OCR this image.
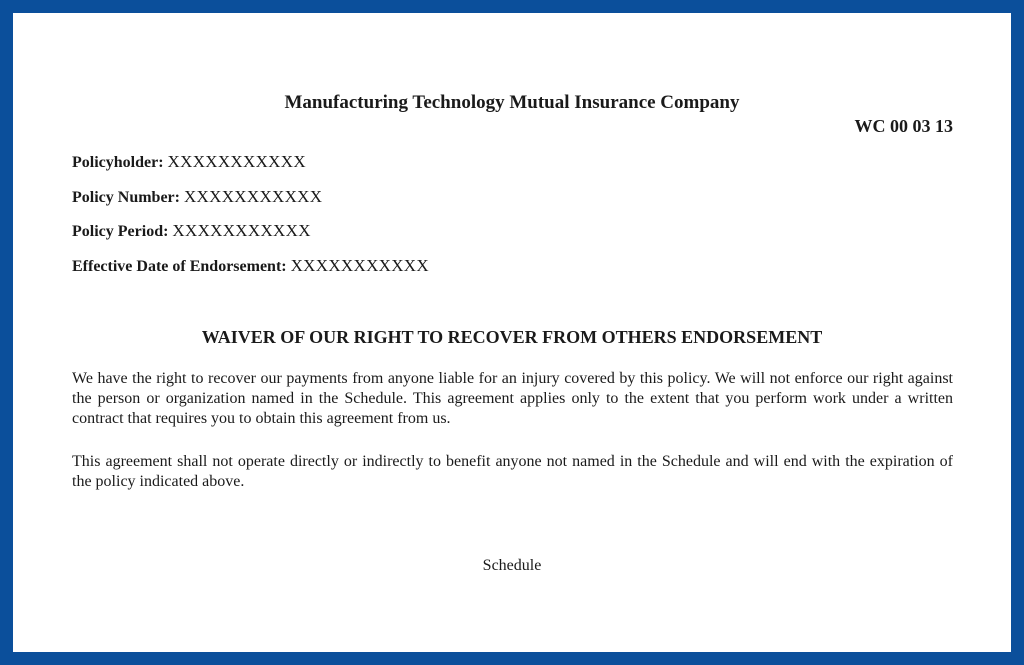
Manufacturing Technology Mutual Insurance Company
WC 00 03 13
Policyholder: XXXXXXXXXXX
Policy Number: XXXXXXXXXXX
Policy Period: XXXXXXXXXXX
Effective Date of Endorsement: XXXXXXXXXXX
WAIVER OF OUR RIGHT TO RECOVER FROM OTHERS ENDORSEMENT

We have the right to recover our payments from anyone liable for an injury covered by this policy. We will not enforce our right against the person or organization named in the Schedule. This agreement applies only to the extent that you perform work under a written contract that requires you to obtain this agreement from us.

This agreement shall not operate directly or indirectly to benefit anyone not named in the Schedule and will end with the expiration of the policy indicated above.

Schedule
